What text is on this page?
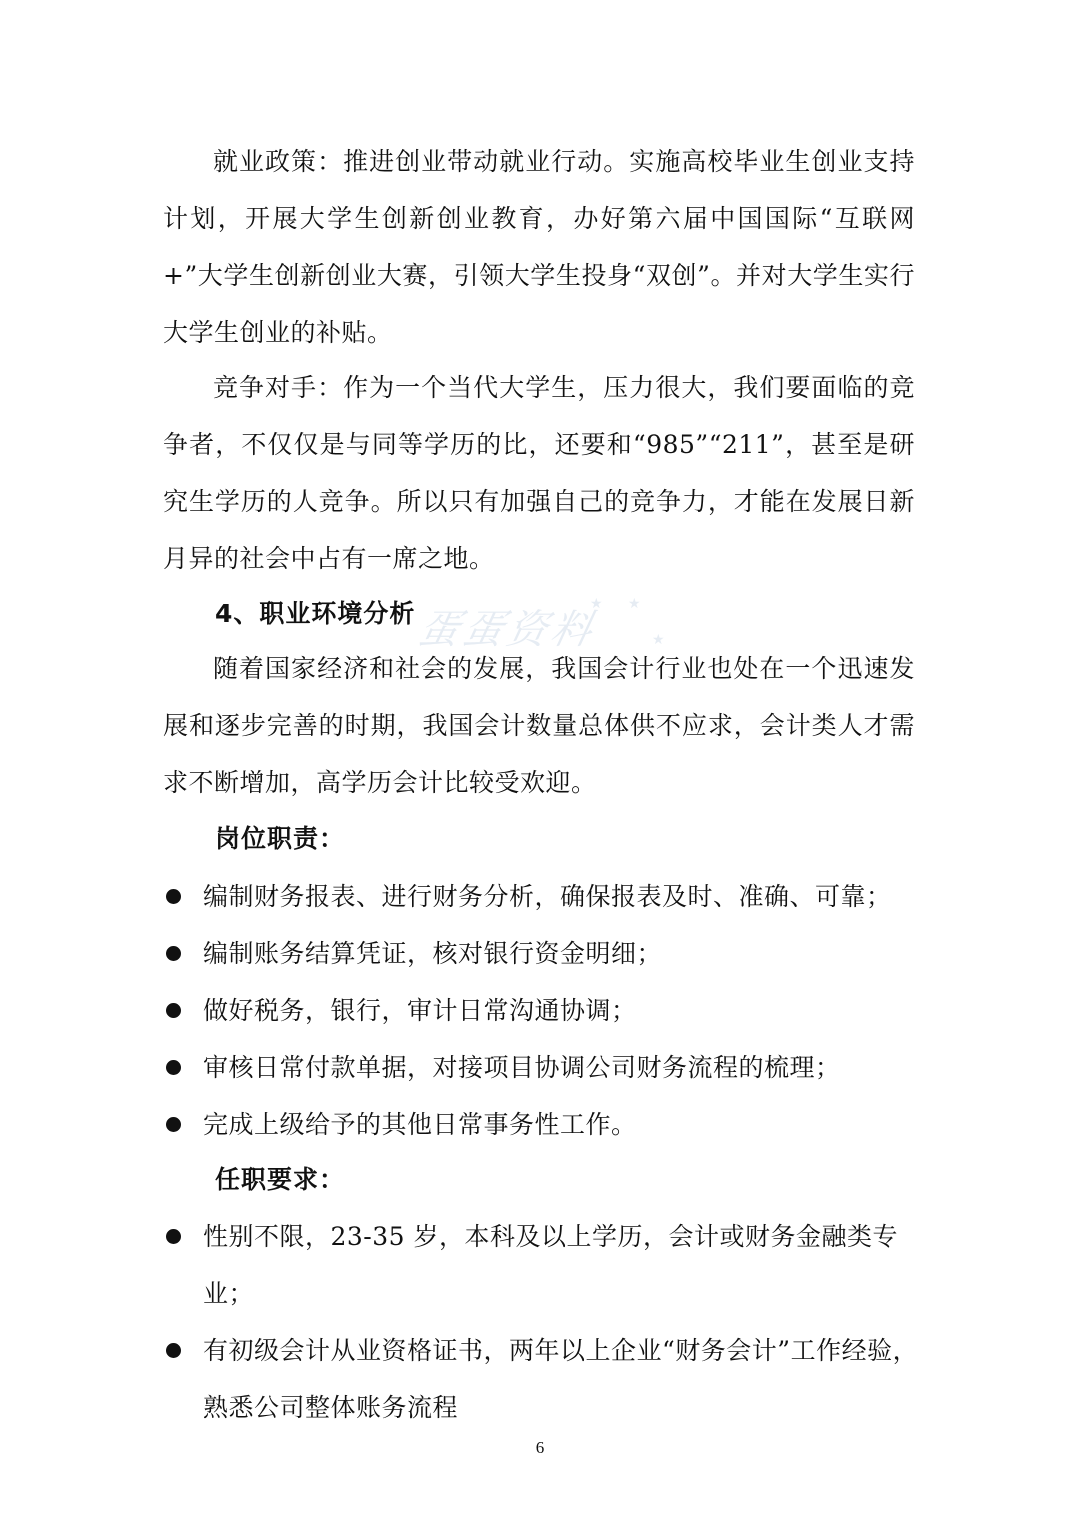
就业政策：推进创业带动就业行动。实施高校毕业生创业支持计划，开展大学生创新创业教育，办好第六届中国国际“互联网+”大学生创新创业大赛，引领大学生投身“双创”。并对大学生实行大学生创业的补贴。

竞争对手：作为一个当代大学生，压力很大，我们要面临的竞争者，不仅仅是与同等学历的比，还要和“985”“211”，甚至是研究生学历的人竞争。所以只有加强自己的竞争力，才能在发展日新月异的社会中占有一席之地。

4、职业环境分析
蛋蛋资料
★ ★
★

随着国家经济和社会的发展，我国会计行业也处在一个迅速发展和逐步完善的时期，我国会计数量总体供不应求，会计类人才需求不断增加，高学历会计比较受欢迎。

岗位职责：
编制财务报表、进行财务分析，确保报表及时、准确、可靠；
编制账务结算凭证，核对银行资金明细；
做好税务，银行，审计日常沟通协调；
审核日常付款单据，对接项目协调公司财务流程的梳理；
完成上级给予的其他日常事务性工作。
任职要求：
性别不限，23-35 岁，本科及以上学历，会计或财务金融类专业；
有初级会计从业资格证书，两年以上企业“财务会计”工作经验，熟悉公司整体账务流程
6
